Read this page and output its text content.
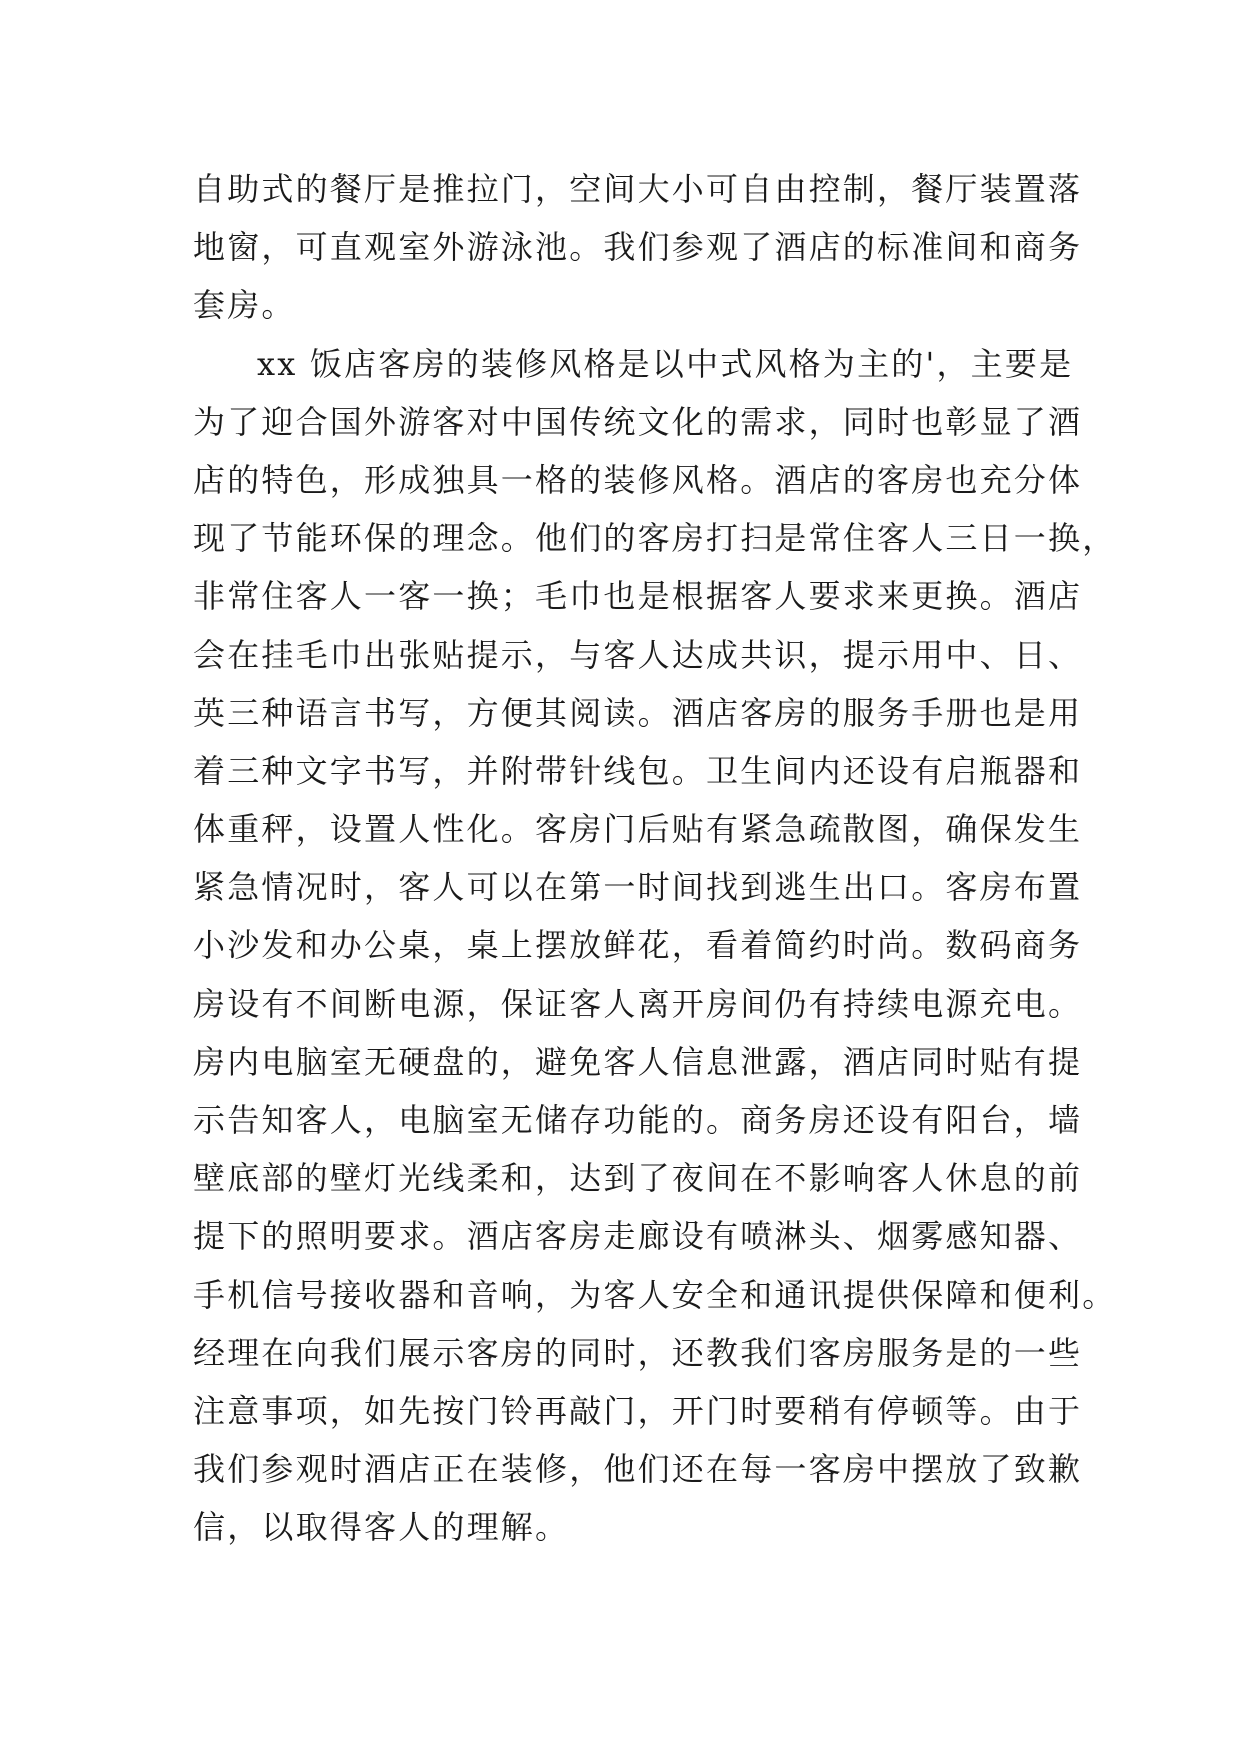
自助式的餐厅是推拉门，空间大小可自由控制，餐厅装置落
地窗，可直观室外游泳池。我们参观了酒店的标准间和商务
套房。
xx 饭店客房的装修风格是以中式风格为主的'，主要是
为了迎合国外游客对中国传统文化的需求，同时也彰显了酒
店的特色，形成独具一格的装修风格。酒店的客房也充分体
现了节能环保的理念。他们的客房打扫是常住客人三日一换，
非常住客人一客一换；毛巾也是根据客人要求来更换。酒店
会在挂毛巾出张贴提示，与客人达成共识，提示用中、日、
英三种语言书写，方便其阅读。酒店客房的服务手册也是用
着三种文字书写，并附带针线包。卫生间内还设有启瓶器和
体重秤，设置人性化。客房门后贴有紧急疏散图，确保发生
紧急情况时，客人可以在第一时间找到逃生出口。客房布置
小沙发和办公桌，桌上摆放鲜花，看着简约时尚。数码商务
房设有不间断电源，保证客人离开房间仍有持续电源充电。
房内电脑室无硬盘的，避免客人信息泄露，酒店同时贴有提
示告知客人，电脑室无储存功能的。商务房还设有阳台，墙
壁底部的壁灯光线柔和，达到了夜间在不影响客人休息的前
提下的照明要求。酒店客房走廊设有喷淋头、烟雾感知器、
手机信号接收器和音响，为客人安全和通讯提供保障和便利。
经理在向我们展示客房的同时，还教我们客房服务是的一些
注意事项，如先按门铃再敲门，开门时要稍有停顿等。由于
我们参观时酒店正在装修，他们还在每一客房中摆放了致歉
信，以取得客人的理解。
